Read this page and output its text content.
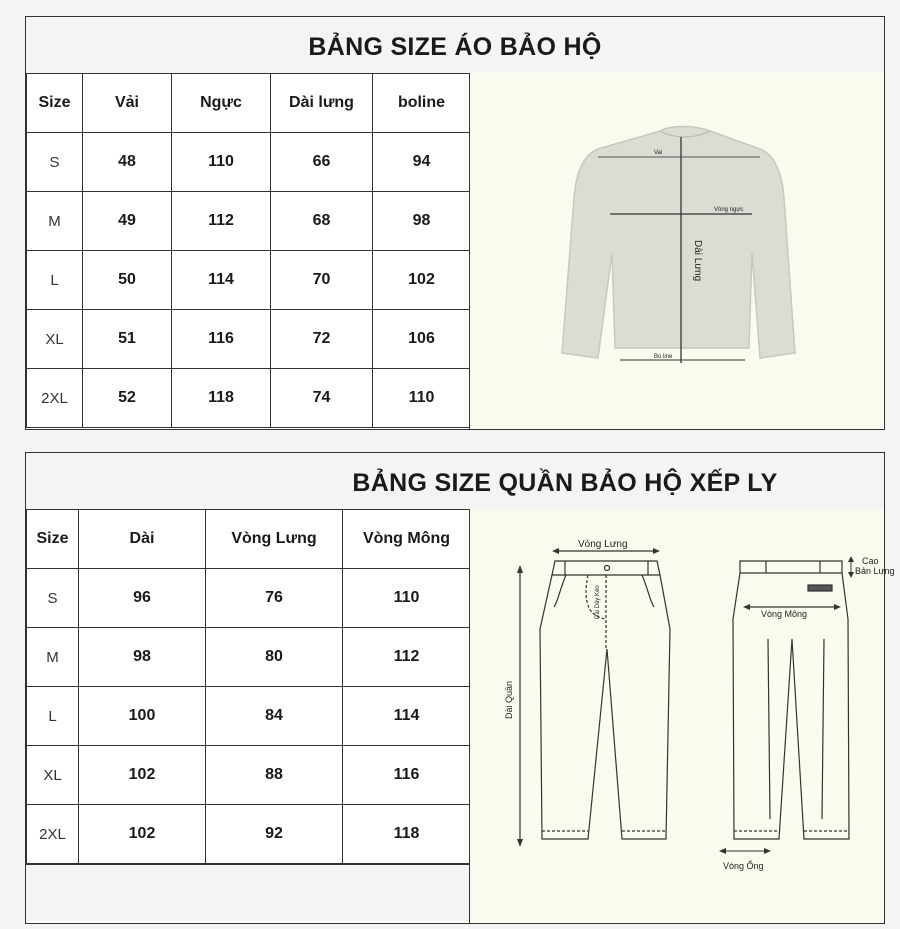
BẢNG SIZE ÁO BẢO HỘ
Size	Vải	Ngực	Dài lưng	boline
S	48	110	66	94
M	49	112	68	98
L	50	114	70	102
XL	51	116	72	106
2XL	52	118	74	110
Vai
Vòng ngực
Dài Lưng
Bo line
BẢNG SIZE QUẦN BẢO HỘ XẾP LY
Size	Dài	Vòng Lưng	Vòng Mông
S	96	76	110
M	98	80	112
L	100	84	114
XL	102	88	116
2XL	102	92	118
Vòng Lưng
Dài Quần
Dài Dây Kéo
Cao
Bản Lưng
Vòng Mông
Vòng Ống
